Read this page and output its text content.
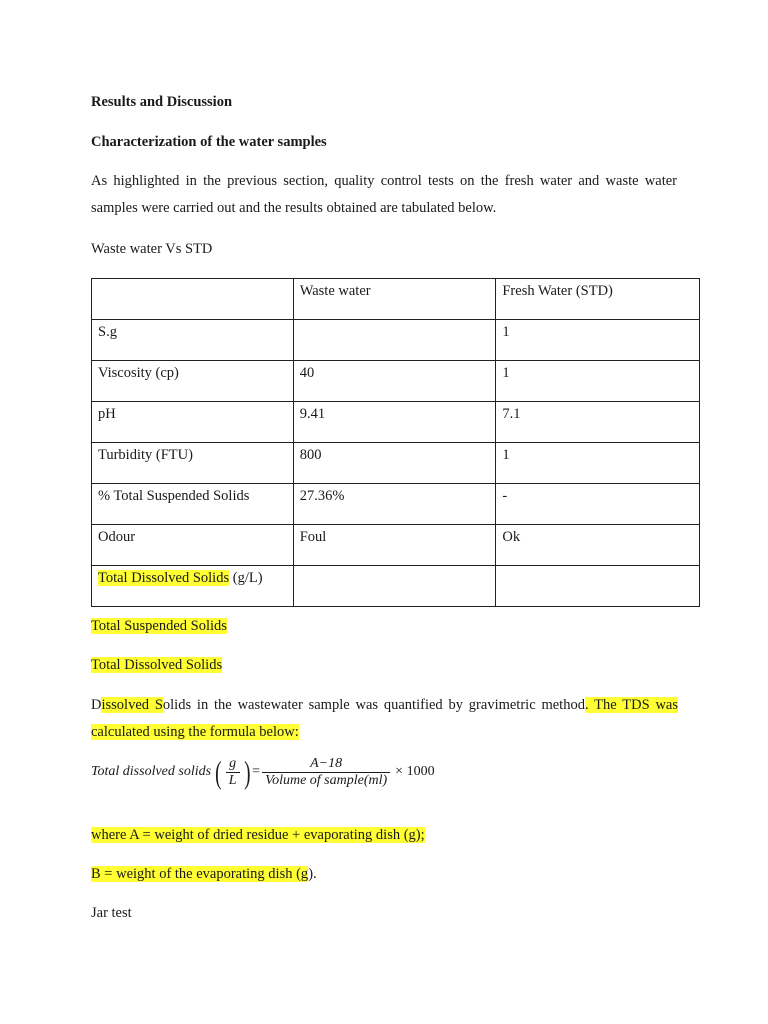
Results and Discussion
Characterization of the water samples
As highlighted in the previous section, quality control tests on the fresh water and waste water
samples were carried out and the results obtained are tabulated below.
Waste water Vs STD
	Waste water	Fresh Water (STD)
S.g		1
Viscosity (cp)	40	1
pH	9.41	7.1
Turbidity (FTU)	800	1
% Total Suspended Solids	27.36%	-
Odour	Foul	Ok
Total Dissolved Solids (g/L)		
Total Suspended Solids
Total Dissolved Solids
Dissolved Solids in the wastewater sample was quantified by gravimetric method. The TDS was
calculated using the formula below:
Total dissolved solids ( $\frac{g}{L}$ ) = $\frac{A-18}{\text{Volume of sample(ml)}} \times 1000$
where A = weight of dried residue + evaporating dish (g);
B = weight of the evaporating dish (g).
Jar test
